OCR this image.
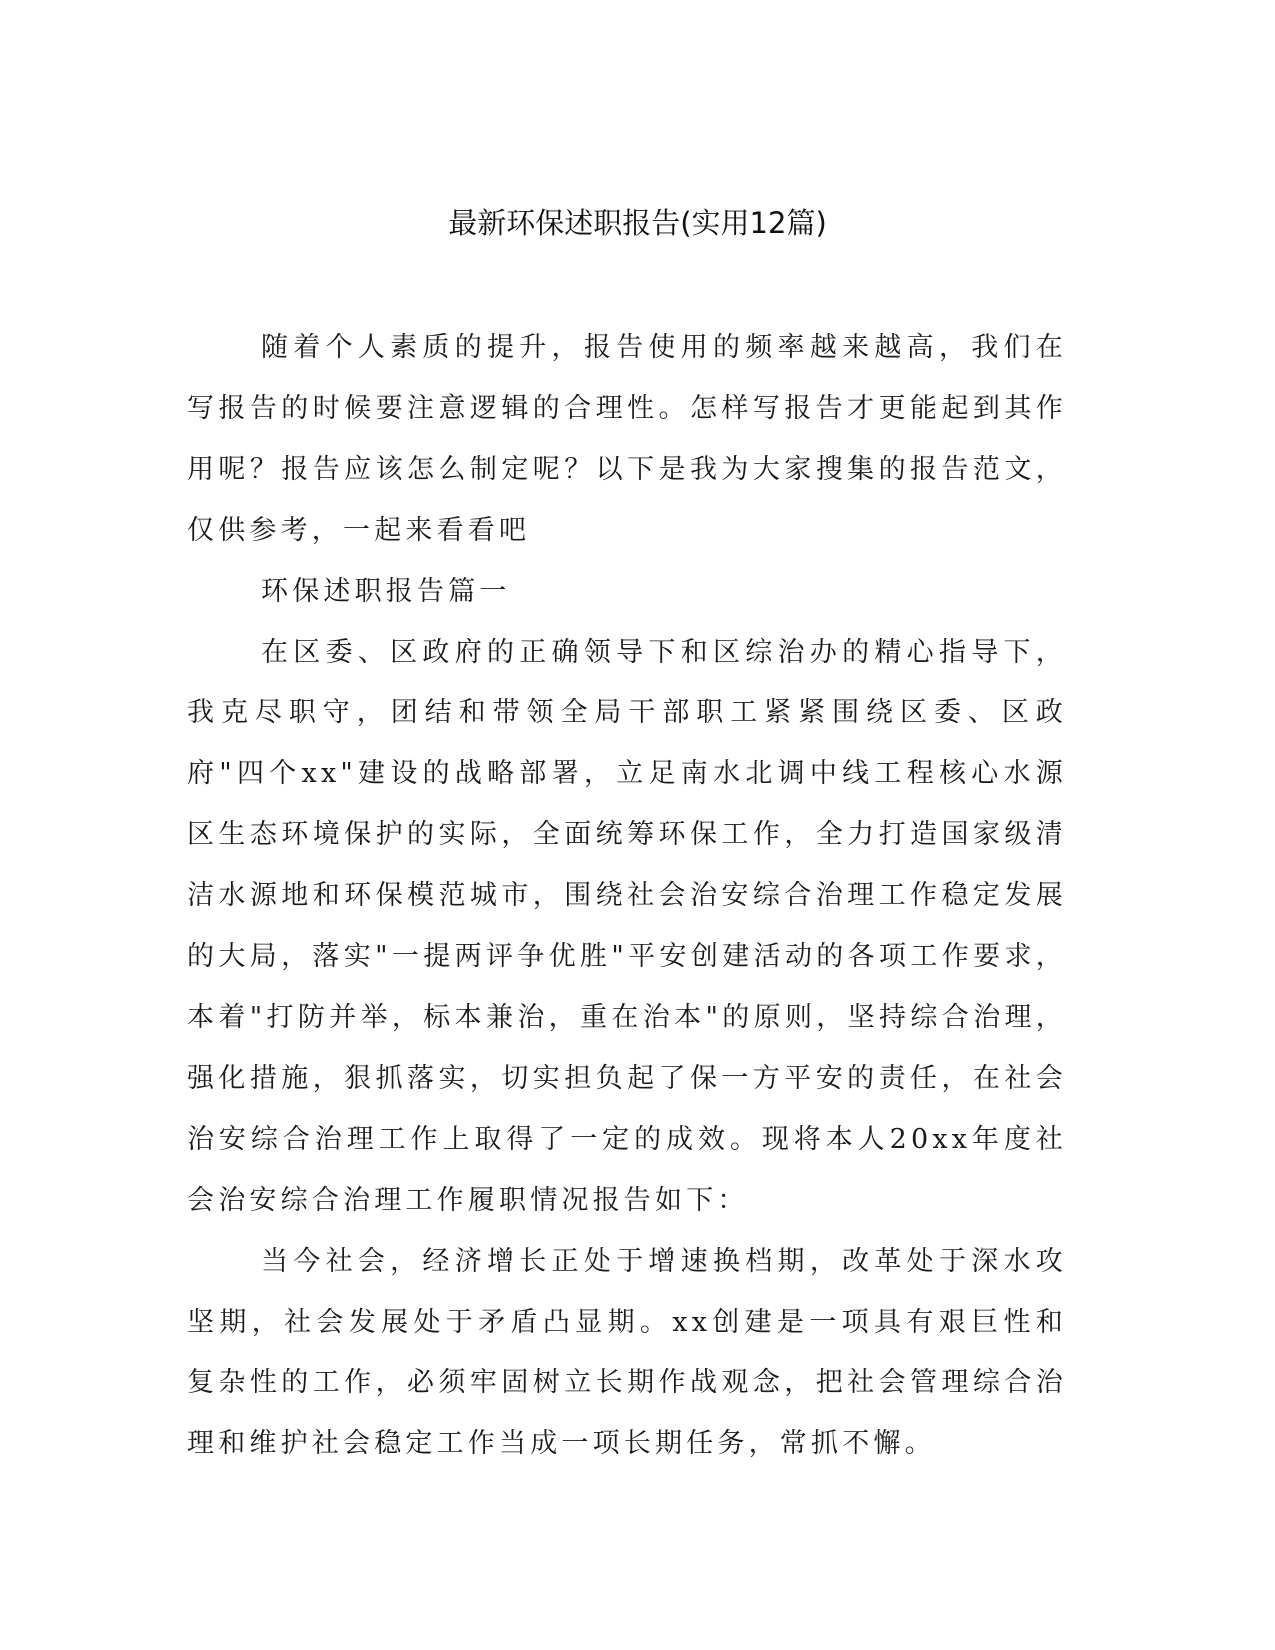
最新环保述职报告(实用12篇)

随着个人素质的提升，报告使用的频率越来越高，我们在写报告的时候要注意逻辑的合理性。怎样写报告才更能起到其作用呢？报告应该怎么制定呢？以下是我为大家搜集的报告范文，仅供参考，一起来看看吧

环保述职报告篇一

在区委、区政府的正确领导下和区综治办的精心指导下，我克尽职守，团结和带领全局干部职工紧紧围绕区委、区政府"四个xx"建设的战略部署，立足南水北调中线工程核心水源区生态环境保护的实际，全面统筹环保工作，全力打造国家级清洁水源地和环保模范城市，围绕社会治安综合治理工作稳定发展的大局，落实"一提两评争优胜"平安创建活动的各项工作要求，本着"打防并举，标本兼治，重在治本"的原则，坚持综合治理，强化措施，狠抓落实，切实担负起了保一方平安的责任，在社会治安综合治理工作上取得了一定的成效。现将本人20xx年度社会治安综合治理工作履职情况报告如下：

当今社会，经济增长正处于增速换档期，改革处于深水攻坚期，社会发展处于矛盾凸显期。xx创建是一项具有艰巨性和复杂性的工作，必须牢固树立长期作战观念，把社会管理综合治理和维护社会稳定工作当成一项长期任务，常抓不懈。
